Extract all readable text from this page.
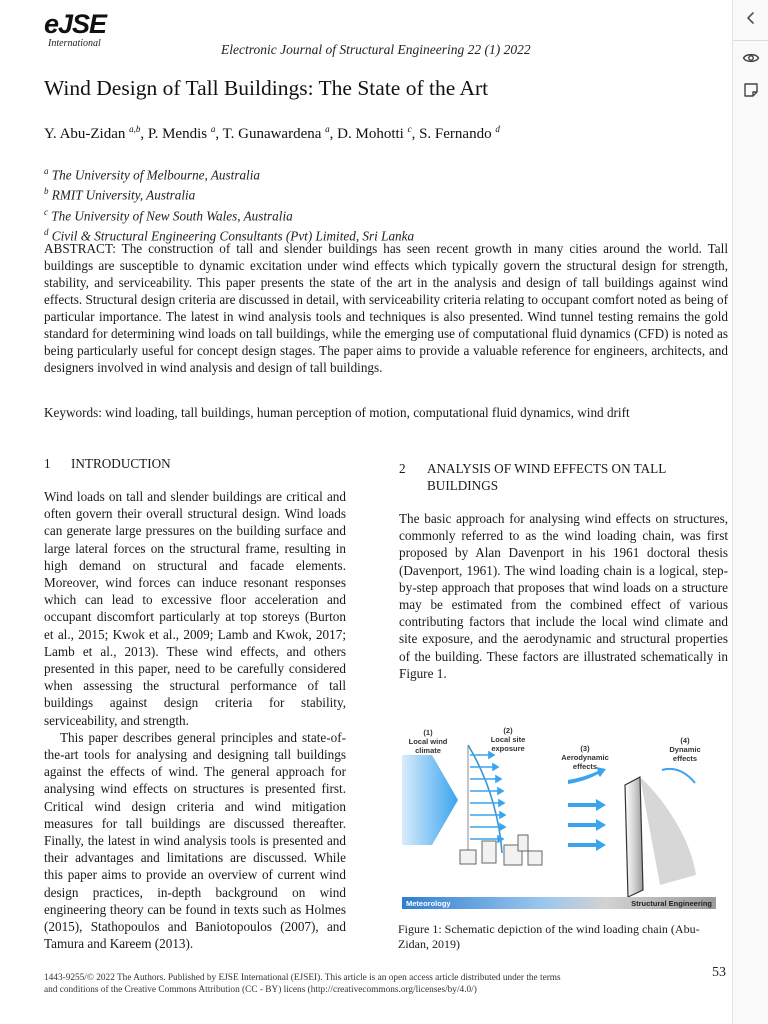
eJSE
International	Electronic Journal of Structural Engineering 22 (1) 2022
Wind Design of Tall Buildings: The State of the Art
Y. Abu-Zidan $^{a,b}$, P. Mendis $^a$, T. Gunawardena $^a$, D. Mohotti $^c$, S. Fernando $^d$
$^a$ The University of Melbourne, Australia
$^b$ RMIT University, Australia
$^c$ The University of New South Wales, Australia
$^d$ Civil & Structural Engineering Consultants (Pvt) Limited, Sri Lanka
ABSTRACT: The construction of tall and slender buildings has seen recent growth in many cities around the world. Tall buildings are susceptible to dynamic excitation under wind effects which typically govern the structural design for strength, stability, and serviceability. This paper presents the state of the art in the analysis and design of tall buildings against wind effects. Structural design criteria are discussed in detail, with serviceability criteria relating to occupant comfort noted as being of particular importance. The latest in wind analysis tools and techniques is also presented. Wind tunnel testing remains the gold standard for determining wind loads on tall buildings, while the emerging use of computational fluid dynamics (CFD) is noted as being particularly useful for concept design stages. The paper aims to provide a valuable reference for engineers, architects, and designers involved in wind analysis and design of tall buildings.
Keywords: wind loading, tall buildings, human perception of motion, computational fluid dynamics, wind drift
1 INTRODUCTION

Wind loads on tall and slender buildings are critical and often govern their overall structural design. Wind loads can generate large pressures on the building surface and large lateral forces on the structural frame, resulting in high demand on structural and facade elements. Moreover, wind forces can induce resonant responses which can lead to excessive floor acceleration and occupant discomfort particularly at top storeys (Burton et al., 2015; Kwok et al., 2009; Lamb and Kwok, 2017; Lamb et al., 2013). These wind effects, and others presented in this paper, need to be carefully considered when assessing the structural performance of tall buildings against design criteria for stability, serviceability, and strength.

This paper describes general principles and state-of-the-art tools for analysing and designing tall buildings against the effects of wind. The general approach for analysing wind effects on structures is presented first. Critical wind design criteria and wind mitigation measures for tall buildings are discussed thereafter. Finally, the latest in wind analysis tools is presented and their advantages and limitations are discussed. While this paper aims to provide an overview of current wind design practices, in-depth background on wind engineering theory can be found in texts such as Holmes (2015), Stathopoulos and Baniotopoulos (2007), and Tamura and Kareem (2013).

2 ANALYSIS OF WIND EFFECTS ON TALL
BUILDINGS

The basic approach for analysing wind effects on structures, commonly referred to as the wind loading chain, was first proposed by Alan Davenport in his 1961 doctoral thesis (Davenport, 1961). The wind loading chain is a logical, step-by-step approach that proposes that wind loads on a structure may be estimated from the combined effect of various contributing factors that include the local wind climate and site exposure, and the aerodynamic and structural properties of the building. These factors are illustrated schematically in Figure 1.

(1)
Local wind
climate
(2)
Local site
exposure	(3)
Aerodynamic
effects
(4)
Dynamic
effects
Meteorology	Structural Engineering
Figure 1: Schematic depiction of the wind loading chain (Abu-Zidan, 2019)
1443-9255/© 2022 The Authors. Published by EJSE International (EJSEI). This article is an open access article distributed under the terms
and conditions of the Creative Commons Attribution (CC - BY) licens (http://creativecommons.org/licenses/by/4.0/)
53
